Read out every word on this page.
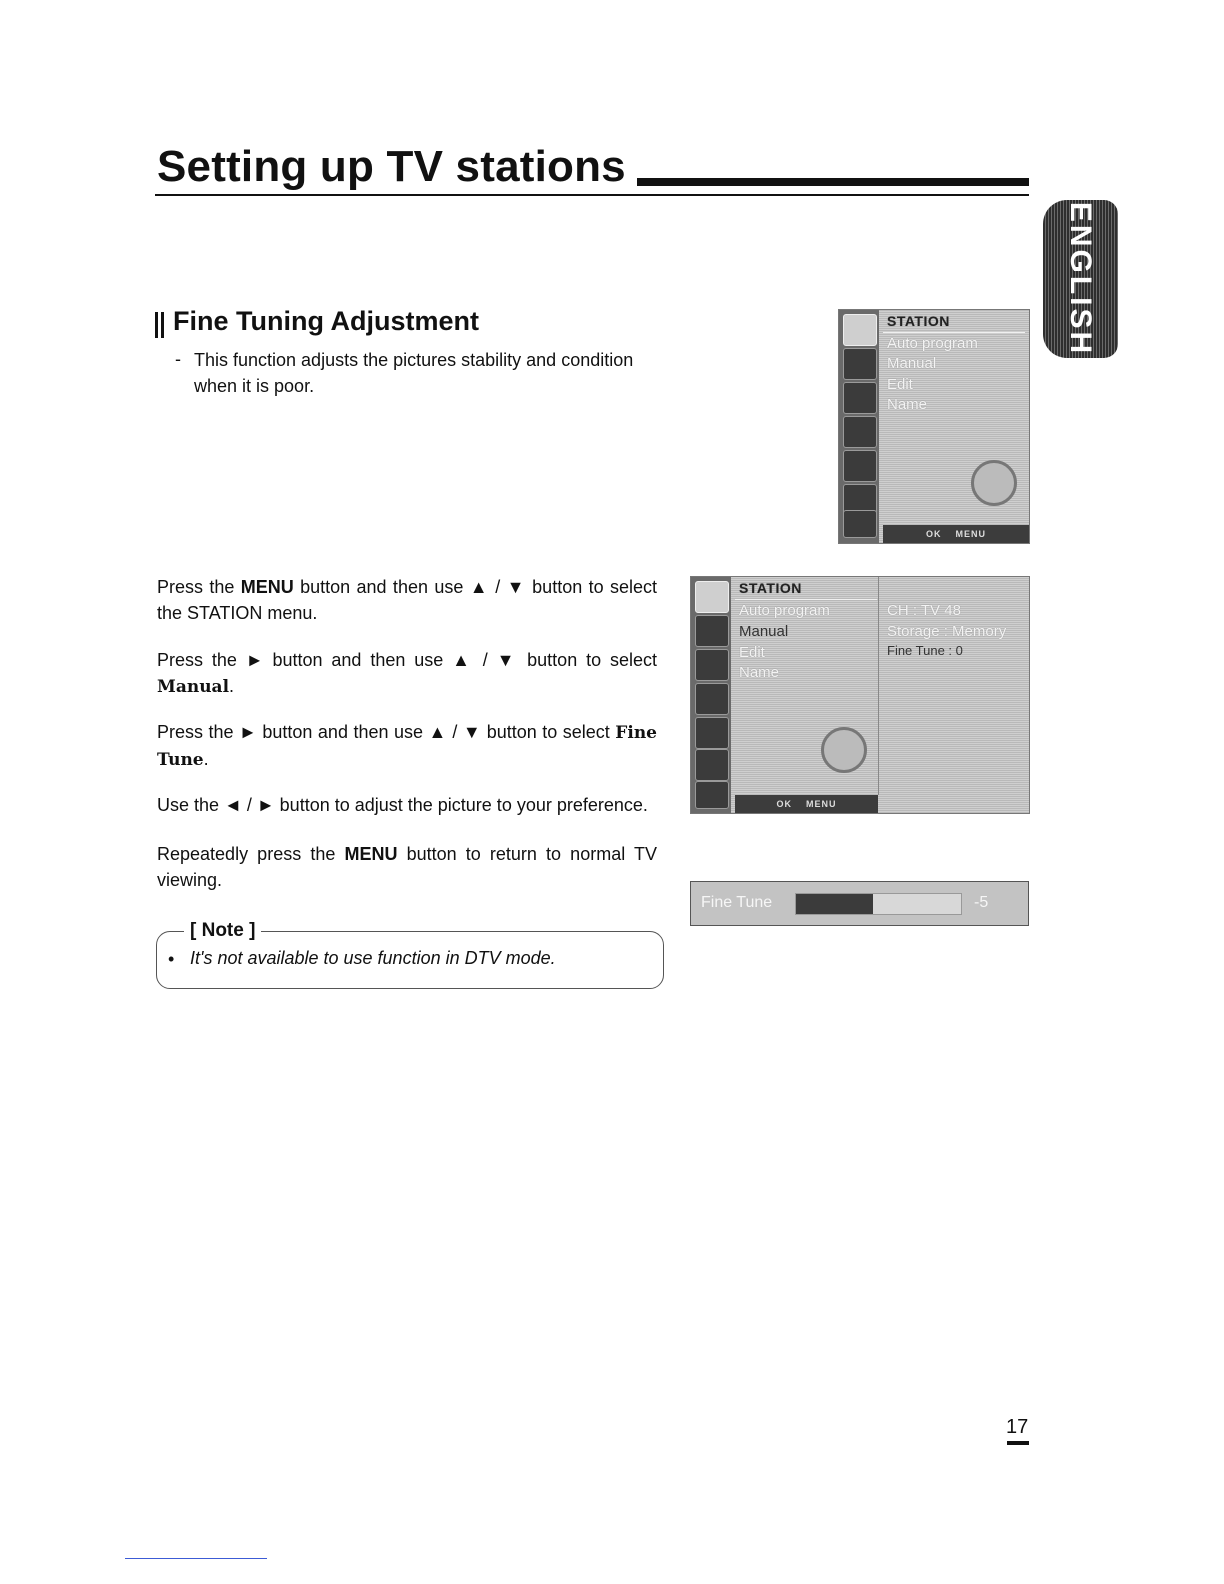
Setting up TV stations
ENGLISH
Fine Tuning Adjustment
- This function adjusts the pictures stability and condition when it is poor.
Press the MENU button and then use ▲ / ▼ button to select the STATION menu.
Press the ► button and then use ▲ / ▼ button to select Manual.
Press the ► button and then use ▲ / ▼ button to select Fine Tune.
Use the ◄ / ► button to adjust the picture to your preference.
Repeatedly press the MENU button to return to normal TV viewing.
[ Note ]
• It's not available to use function in DTV mode.
STATION
Auto program
Manual
Edit
Name
OK MENU
STATION
Auto program
Manual
Edit
Name
CH : TV 48
Storage : Memory
Fine Tune : 0
OK MENU
Fine Tune	-5
17
